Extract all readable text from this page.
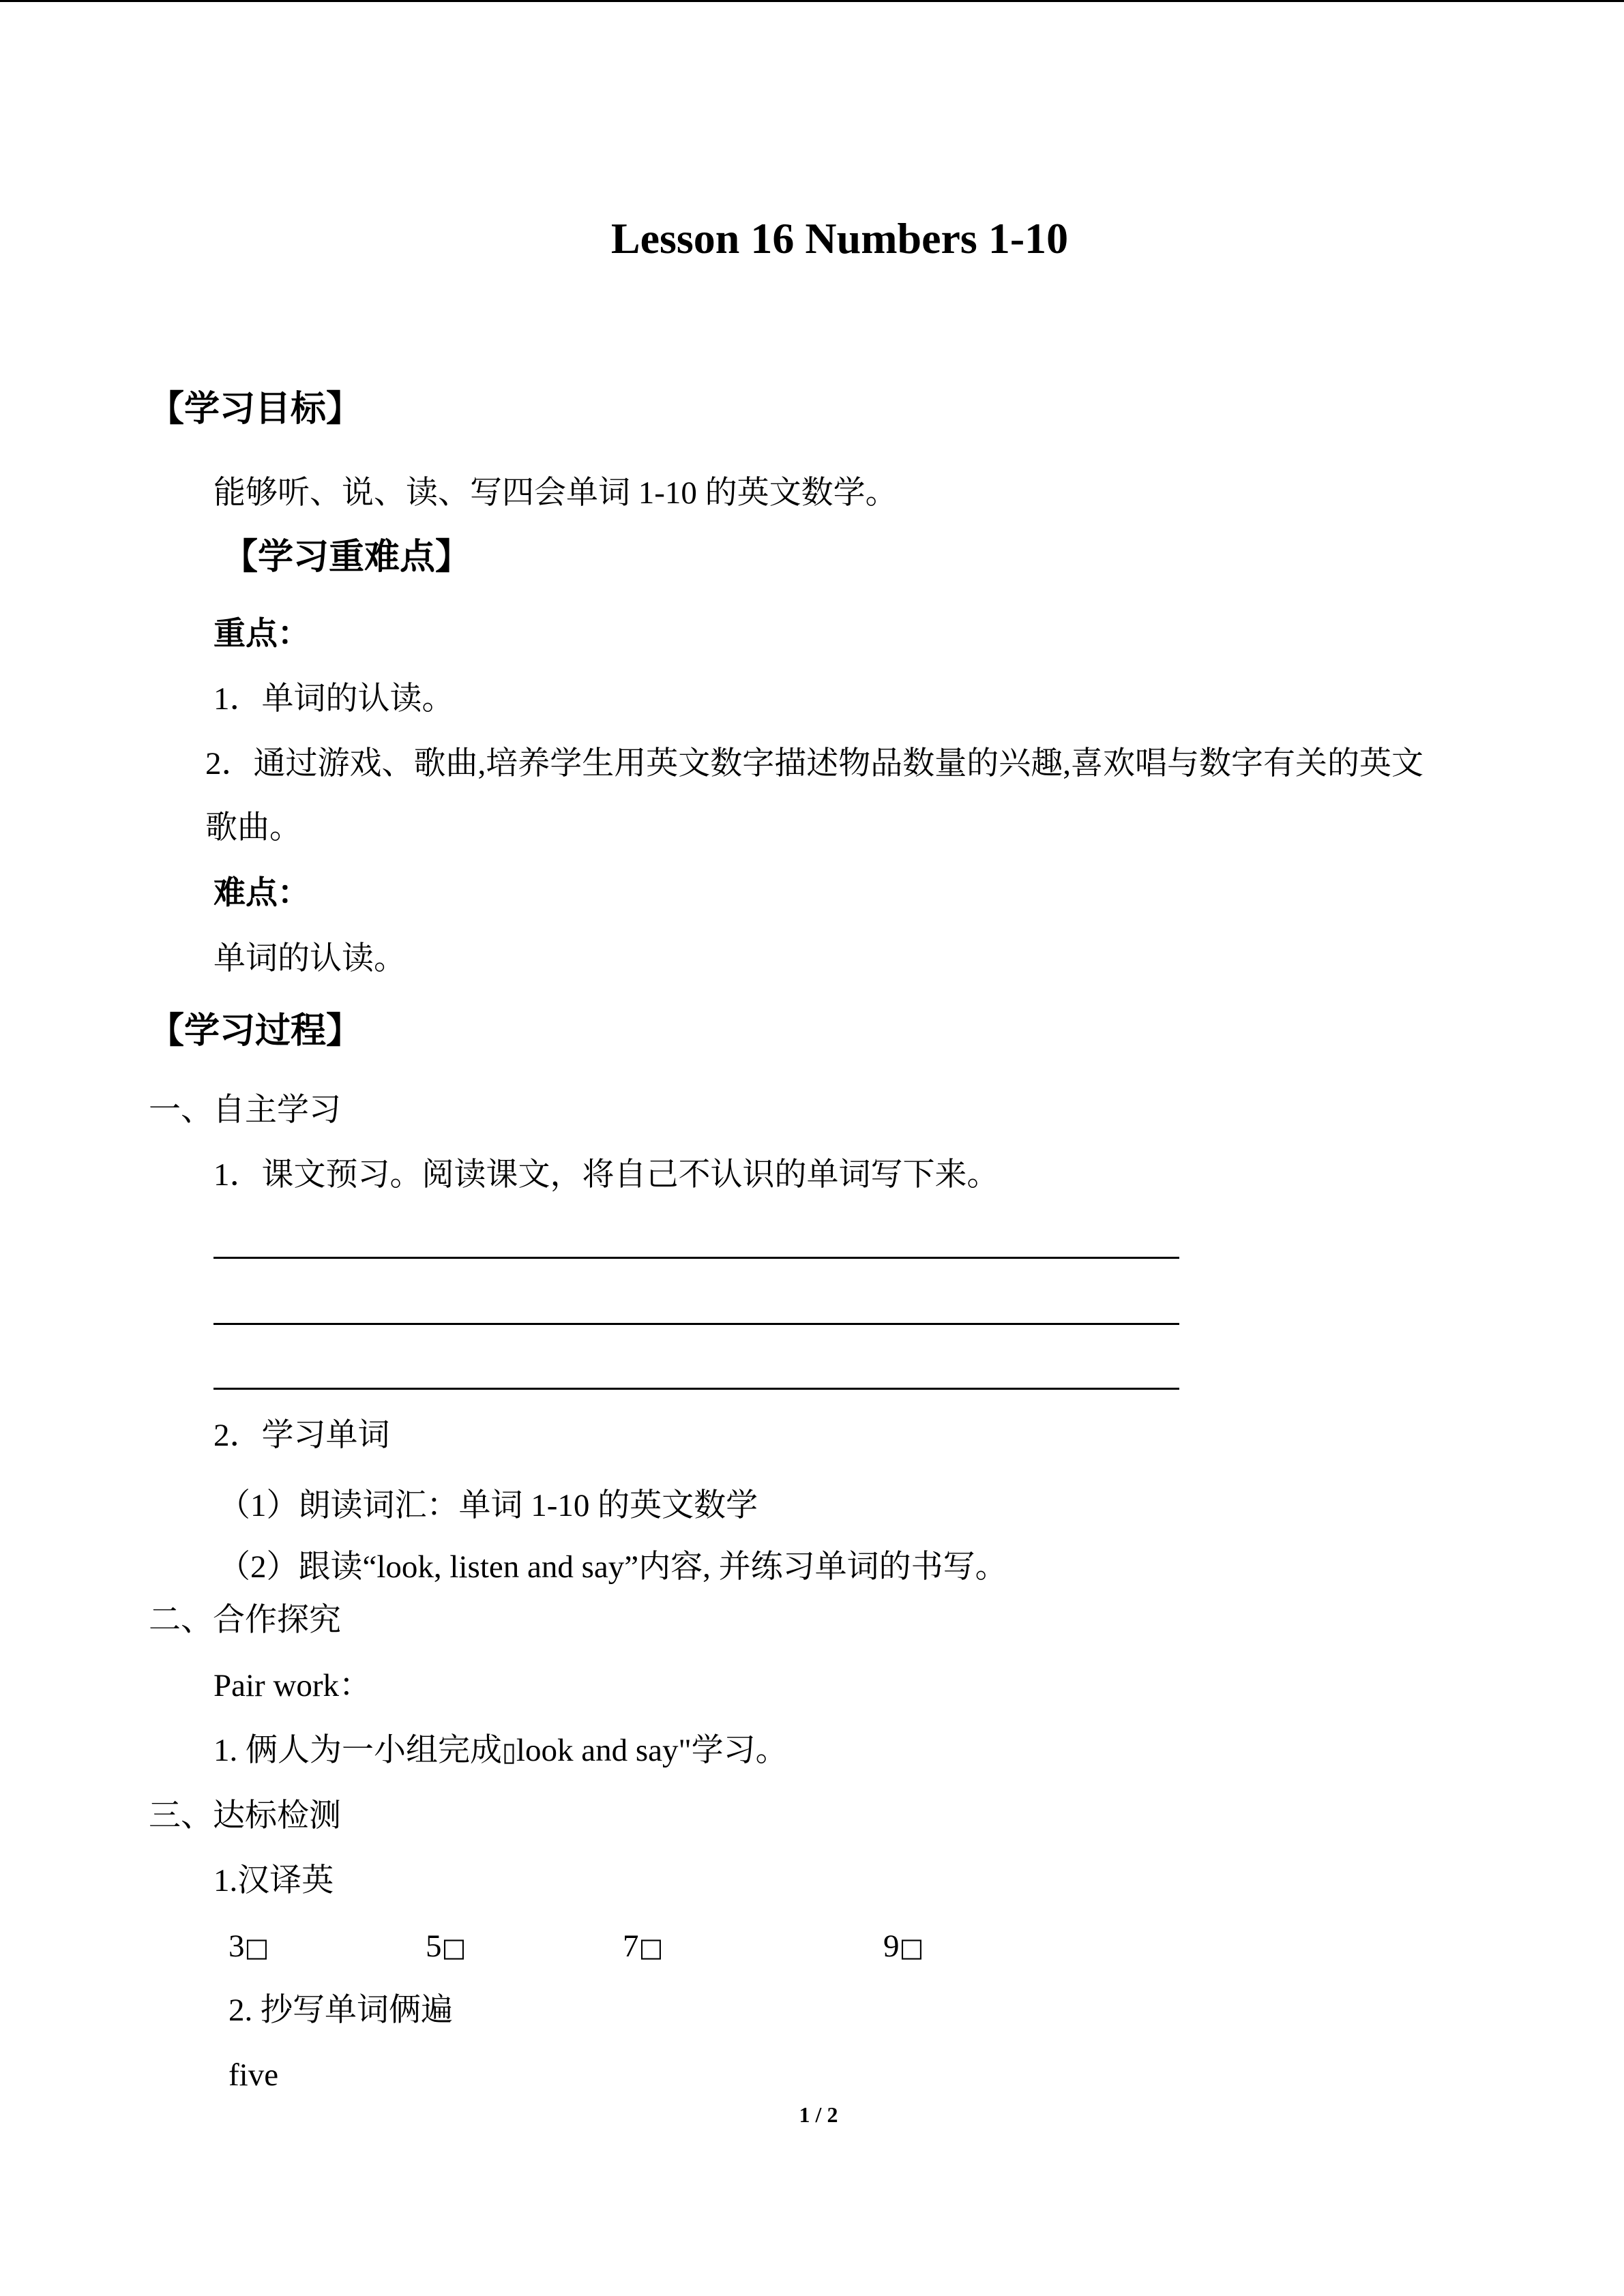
Lesson 16 Numbers 1-10
【学习目标】
能够听、说、读、写四会单词 1-10 的英文数学。
【学习重难点】
重点：
1．单词的认读。
2．通过游戏、歌曲,培养学生用英文数字描述物品数量的兴趣,喜欢唱与数字有关的英文
歌曲。
难点：
单词的认读。
【学习过程】
一、自主学习
1．课文预习。阅读课文，将自己不认识的单词写下来。
2．学习单词
（1）朗读词汇：单词 1-10 的英文数学
（2）跟读“look, listen and say”内容, 并练习单词的书写。
二、合作探究
Pair work：
1. 俩人为一小组完成▯look and say"学习。
三、达标检测
1.汉译英
3□	5□	7□	9□
2. 抄写单词俩遍
five
1 / 2
